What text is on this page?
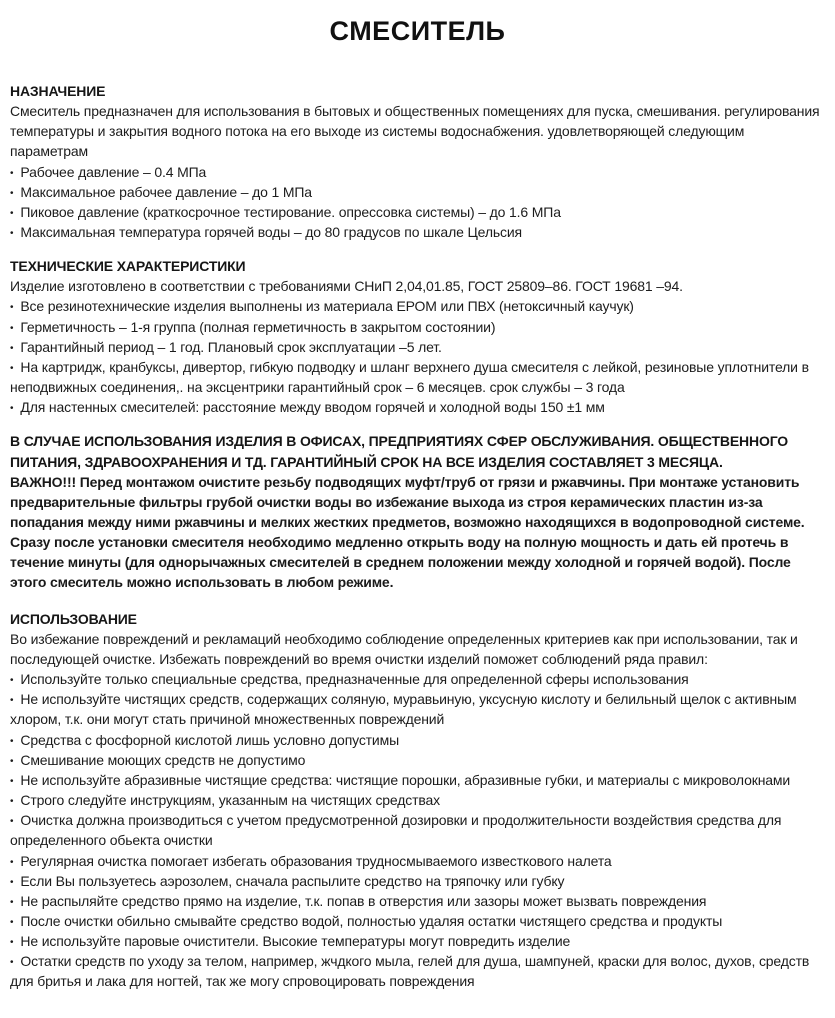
СМЕСИТЕЛЬ
НАЗНАЧЕНИЕ

Смеситель предназначен для использования в бытовых и общественных помещениях для пуска, смешивания. регулирования температуры и закрытия водного потока на его выходе из системы водоснабжения. удовлетворяющей следующим параметрам

• Рабочее давление – 0.4 МПа
• Максимальное рабочее давление – до 1 МПа
• Пиковое давление (краткосрочное тестирование. опрессовка системы) – до 1.6 МПа
• Максимальная температура горячей воды – до 80 градусов по шкале Цельсия
ТЕХНИЧЕСКИЕ ХАРАКТЕРИСТИКИ

Изделие изготовлено в соответствии с требованиями СНиП 2,04,01.85, ГОСТ 25809–86. ГОСТ 19681 –94.

• Все резинотехнические изделия выполнены из материала ЕРОМ или ПВХ (нетоксичный каучук)
• Герметичность – 1-я группа (полная герметичность в закрытом состоянии)
• Гарантийный период – 1 год. Плановый срок эксплуатации –5 лет.
• На картридж, кранбуксы, дивертор, гибкую подводку и шланг верхнего душа смесителя с лейкой, резиновые уплотнители в неподвижных соединения,. на эксцентрики гарантийный срок – 6 месяцев. срок службы – 3 года
• Для настенных смесителей: расстояние между вводом горячей и холодной воды 150 ±1 мм

В СЛУЧАЕ ИСПОЛЬЗОВАНИЯ ИЗДЕЛИЯ В ОФИСАХ, ПРЕДПРИЯТИЯХ СФЕР ОБСЛУЖИВАНИЯ. ОБЩЕСТВЕННОГО ПИТАНИЯ, ЗДРАВООХРАНЕНИЯ И ТД. ГАРАНТИЙНЫЙ СРОК НА ВСЕ ИЗДЕЛИЯ СОСТАВЛЯЕТ 3 МЕСЯЦА.

ВАЖНО!!! Перед монтажом очистите резьбу подводящих муфт/труб от грязи и ржавчины. При монтаже установить предварительные фильтры грубой очистки воды во избежание выхода из строя керамических пластин из-за попадания между ними ржавчины и мелких жестких предметов, возможно находящихся в водопроводной системе. Сразу после установки смесителя необходимо медленно открыть воду на полную мощность и дать ей протечь в течение минуты (для однорычажных смесителей в среднем положении между холодной и горячей водой). После этого смеситель можно использовать в любом режиме.

ИСПОЛЬЗОВАНИЕ

Во избежание повреждений и рекламаций необходимо соблюдение определенных критериев как при использовании, так и последующей очистке. Избежать повреждений во время очистки изделий поможет соблюдений ряда правил:

• Используйте только специальные средства, предназначенные для определенной сферы использования
• Не используйте чистящих средств, содержащих соляную, муравьиную, уксусную кислоту и белильный щелок с активным хлором, т.к. они могут стать причиной множественных повреждений
• Средства с фосфорной кислотой лишь условно допустимы
• Смешивание моющих средств не допустимо
• Не используйте абразивные чистящие средства: чистящие порошки, абразивные губки, и материалы с микроволокнами
• Строго следуйте инструкциям, указанным на чистящих средствах
• Очистка должна производиться с учетом предусмотренной дозировки и продолжительности воздействия средства для определенного обьекта очистки
• Регулярная очистка помогает избегать образования трудносмываемого известкового налета
• Если Вы пользуетесь аэрозолем, сначала распылите средство на тряпочку или губку
• Не распыляйте средство прямо на изделие, т.к. попав в отверстия или зазоры может вызвать повреждения
• После очистки обильно смывайте средство водой, полностью удаляя остатки чистящего средства и продукты
• Не используйте паровые очистители. Высокие температуры могут повредить изделие
• Остатки средств по уходу за телом, например, жчдкого мыла, гелей для душа, шампуней, краски для волос, духов, средств для бритья и лака для ногтей, так же могу спровоцировать повреждения
